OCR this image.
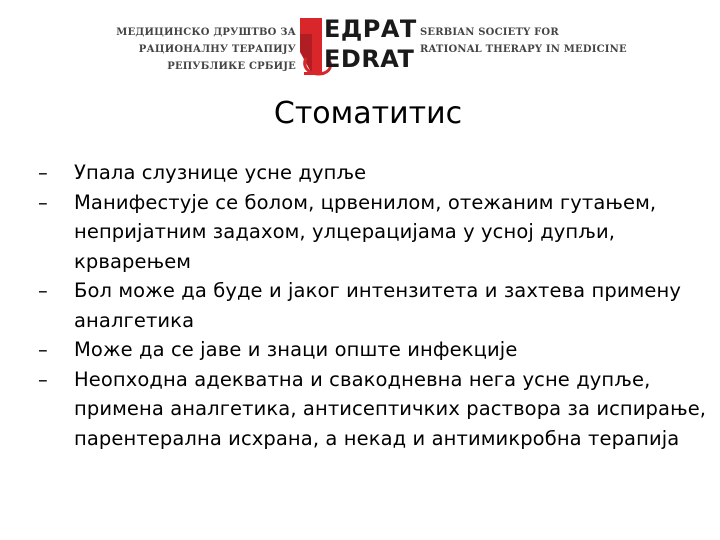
МЕДИЦИНСКО ДРУШТВО ЗА
РАЦИОНАЛНУ ТЕРАПИЈУ РЕПУБЛИКЕ СРБИЈЕ
ЕДРАТ
EDRAT
SERBIAN SOCIETY FOR
RATIONAL THERAPY IN MEDICINE
Стоматитис
– Упала слузнице усне дупље
– Манифестује се болом, црвенилом, отежаним гутањем, непријатним задахом, улцерацијама у усној дупљи, крварењем
– Бол може да буде и јаког интензитета и захтева примену аналгетика
– Може да се јаве и знаци опште инфекције
– Неопходна адекватна и свакодневна нега усне дупље, примена аналгетика, антисептичких раствора за испирање, парентерална исхрана, а некад и антимикробна терапија
